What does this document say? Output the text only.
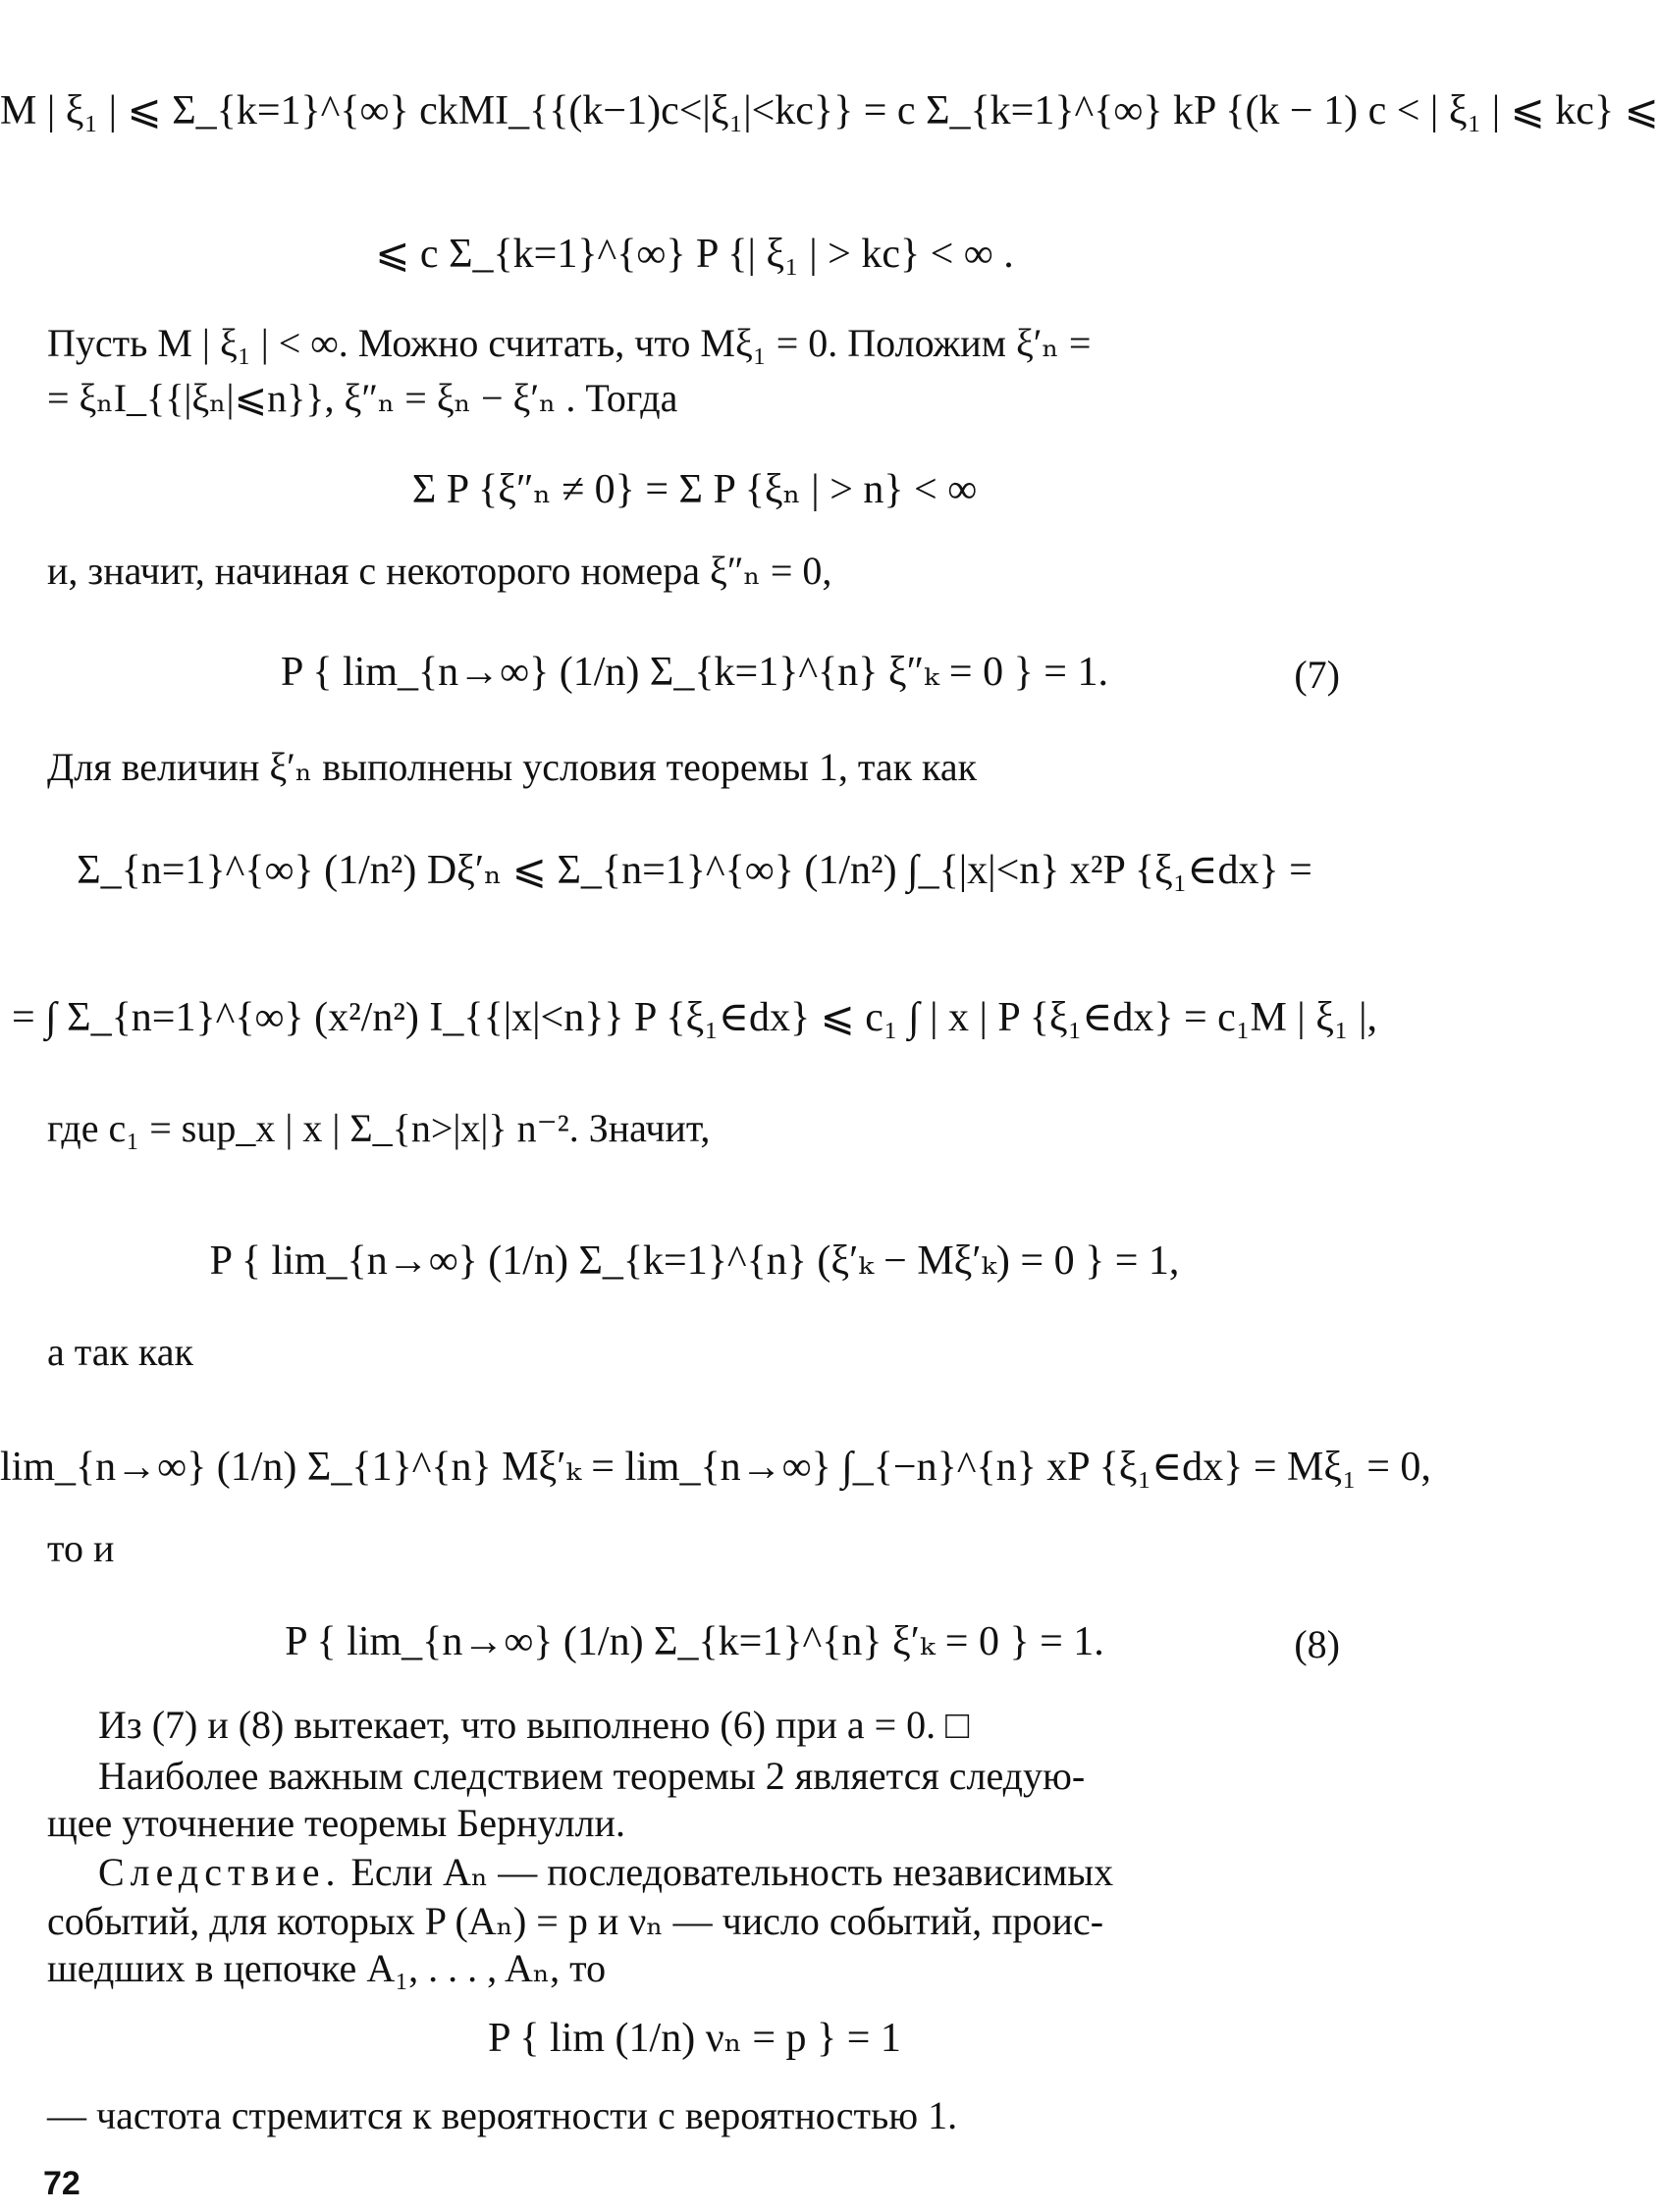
M | ξ₁ | ⩽ Σ_{k=1}^{∞} ckMI_{{(k−1)c<|ξ₁|<kc}} = c Σ_{k=1}^{∞} kP {(k − 1) c < | ξ₁ | ⩽ kc} ⩽
⩽ c Σ_{k=1}^{∞} P {| ξ₁ | > kc} < ∞ .
Пусть M | ξ₁ | < ∞. Можно считать, что Mξ₁ = 0. Положим ξ′ₙ =
= ξₙI_{{|ξₙ|⩽n}}, ξ″ₙ = ξₙ − ξ′ₙ . Тогда
Σ P {ξ″ₙ ≠ 0} = Σ P {ξₙ | > n} < ∞
и, значит, начиная с некоторого номера ξ″ₙ = 0,
P { lim_{n→∞} (1/n) Σ_{k=1}^{n} ξ″ₖ = 0 } = 1.	(7)
Для величин ξ′ₙ выполнены условия теоремы 1, так как
Σ_{n=1}^{∞} (1/n²) Dξ′ₙ ⩽ Σ_{n=1}^{∞} (1/n²) ∫_{|x|<n} x²P {ξ₁∈dx} =
= ∫ Σ_{n=1}^{∞} (x²/n²) I_{{|x|<n}} P {ξ₁∈dx} ⩽ c₁ ∫ | x | P {ξ₁∈dx} = c₁M | ξ₁ |,
где c₁ = sup_x | x | Σ_{n>|x|} n⁻². Значит,
P { lim_{n→∞} (1/n) Σ_{k=1}^{n} (ξ′ₖ − Mξ′ₖ) = 0 } = 1,
а так как
lim_{n→∞} (1/n) Σ_{1}^{n} Mξ′ₖ = lim_{n→∞} ∫_{−n}^{n} xP {ξ₁∈dx} = Mξ₁ = 0,
то и
P { lim_{n→∞} (1/n) Σ_{k=1}^{n} ξ′ₖ = 0 } = 1.	(8)
Из (7) и (8) вытекает, что выполнено (6) при a = 0. □
Наиболее важным следствием теоремы 2 является следую-
щее уточнение теоремы Бернулли.
Следствие. Если Aₙ — последовательность независимых
событий, для которых P (Aₙ) = p и νₙ — число событий, проис-
шедших в цепочке A₁, . . . , Aₙ, то
P { lim (1/n) νₙ = p } = 1
— частота стремится к вероятности с вероятностью 1.
72
